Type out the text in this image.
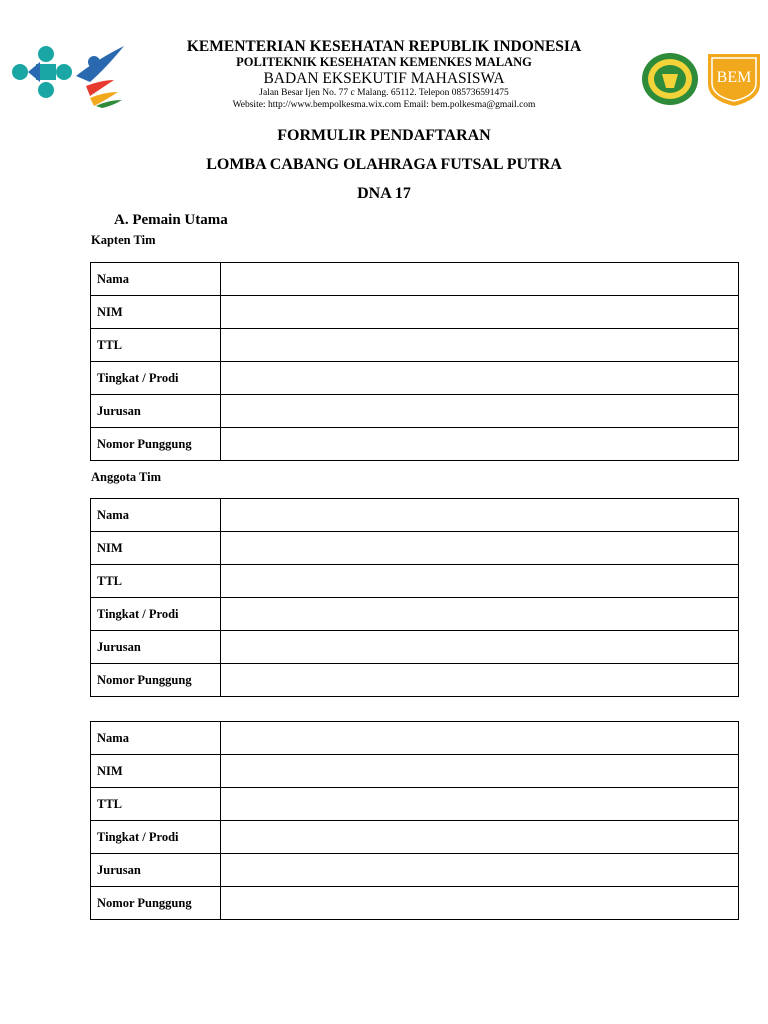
KEMENTERIAN KESEHATAN REPUBLIK INDONESIA
POLITEKNIK KESEHATAN KEMENKES MALANG
BADAN EKSEKUTIF MAHASISWA
Jalan Besar Ijen No. 77 c Malang. 65112. Telepon 085736591475
Website: http://www.bempolkesma.wix.com Email: bem.polkesma@gmail.com
BEM
FORMULIR PENDAFTARAN
LOMBA CABANG OLAHRAGA FUTSAL PUTRA
DNA 17
A. Pemain Utama
Kapten Tim
Nama	
NIM	
TTL	
Tingkat / Prodi	
Jurusan	
Nomor Punggung	
Anggota Tim
Nama	
NIM	
TTL	
Tingkat / Prodi	
Jurusan	
Nomor Punggung	
Nama	
NIM	
TTL	
Tingkat / Prodi	
Jurusan	
Nomor Punggung	
